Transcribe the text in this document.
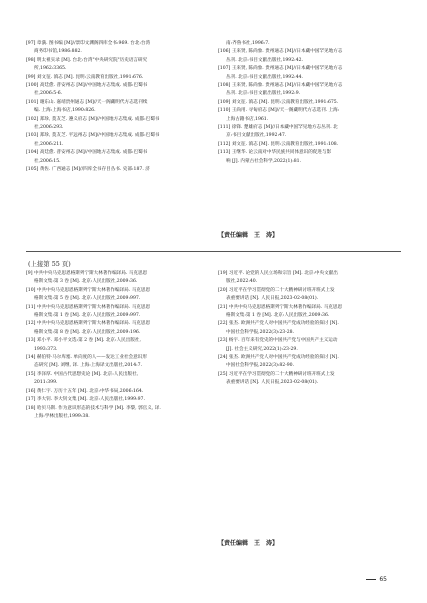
[97] 章潢. 图书编 [M]//景印文渊阁四库全书:969. 台北:台湾
商务印书馆,1986:882.

[98] 明太祖实录 [M]. 台北:台湾"中央研究院"历史语言研究
所,1962:3365.

[99] 刘文征. 滇志 [M]. 昆明:云南教育出版社,1991:676.

[100] 高廷愈. 普安州志 [M]//中国地方志集成. 成都:巴蜀书
社,2006:5-6.

[101] 谢东山. 嘉靖贵州通志 [M]//天一阁藏明代方志选刊续
编. 上海:上海书店,1990:826.

[102] 郑珍, 莫友芝. 遵义府志 [M]//中国地方志集成. 成都:巴蜀书
社,2006:293.

[103] 郑珍, 莫友芝. 平远州志 [M]//中国地方志集成. 成都:巴蜀书
社,2006:211.

[104] 高廷愈. 普安州志 [M]//中国地方志集成. 成都:巴蜀书
社,2006:15.

[105] 黄佐. 广西通志 [M]//四库全书存目丛书. 史部:187. 济

南:齐鲁书社,1996:7.

[106] 王来贤, 陈尚象. 贵州通志 [M]//日本藏中国罕见地方志
丛刊. 北京:书目文献出版社,1992:42.

[107] 王来贤, 陈尚象. 贵州通志 [M]//日本藏中国罕见地方志
丛刊. 北京:书目文献出版社,1992:44.

[108] 王来贤, 陈尚象. 贵州通志 [M]//日本藏中国罕见地方志
丛刊. 北京:书目文献出版社,1992:9.

[109] 刘文征. 滇志 [M]. 昆明:云南教育出版社,1991:675.

[110] 王尚用. 寻甸府志 [M]//天一阁藏明代方志选刊. 上海:
上海古籍书店,1961.

[111] 徐锋. 楚雄府志 [M]//日本藏中国罕见地方志丛刊. 北
京:书目文献出版社,1992:47.

[112] 刘文征. 滇志 [M]. 昆明:云南教育出版社,1991:108.

[113] 王继华. 论云南对中华民族共同体意识的促进与影
响 [J]. 内蒙古社会科学,2022(1):81.

【责任编辑　王　涛】
(上接第 55 页)

[9] 中共中央马克思恩格斯列宁斯大林著作编译局. 马克思恩
格斯文集:第 3 卷 [M]. 北京:人民出版社,2009:36.

[10] 中共中央马克思恩格斯列宁斯大林著作编译局. 马克思恩
格斯文集:第 5 卷 [M]. 北京:人民出版社,2009:997.

[11] 中共中央马克思恩格斯列宁斯大林著作编译局. 马克思恩
格斯文集:第 1 卷 [M]. 北京:人民出版社,2009:997.

[12] 中共中央马克思恩格斯列宁斯大林著作编译局. 马克思恩
格斯文集:第 8 卷 [M]. 北京:人民出版社,2009:196.

[13] 邓小平. 邓小平文选:第 2 卷 [M]. 北京:人民出版社,
1993:373.

[14] 赫伯特·马尔库塞. 单向度的人——发达工业社会意识形
态研究 [M]. 刘继, 译. 上海:上海译文出版社,2014:7.

[15] 李泽厚. 中国古代思想史论 [M]. 北京:人民出版社,
2011:399.

[16] 黄仁宇. 万历十五年 [M]. 北京:中华书局,2006:164.

[17] 李大钊. 李大钊文集 [M]. 北京:人民出版社,1999:97.

[18] 哈贝马斯. 作为意识形态的技术与科学 [M]. 李黎, 郭官义, 译.
上海:学林出版社,1999:38.

[19] 习近平. 论党的人民立场和宗旨 [M]. 北京:中央文献出
版社,2022:40.

[20] 习近平在学习贯彻党的二十大精神研讨班开班式上发
表重要讲话 [N]. 人民日报,2023-02-08(01).

[21] 中共中央马克思恩格斯列宁斯大林著作编译局. 马克思恩
格斯文集:第 1 卷 [M]. 北京:人民出版社,2009:36.

[22] 张杰. 欧洲共产党人对中国共产党成功经验的探讨 [N].
中国社会科学报,2022(3):23-28.

[23] 杨宇. 百年来有党史的中国共产党与中国共产主义运动
[J]. 社会主义研究,2022(1):23-29.

[24] 张杰. 欧洲共产党人对中国共产党成功经验的探讨 [N].
中国社会科学报,2022(3):82-90.

[25] 习近平在学习贯彻党的二十大精神研讨班开班式上发
表重要讲话 [N]. 人民日报,2023-02-08(01).

【责任编辑　王　涛】
65
